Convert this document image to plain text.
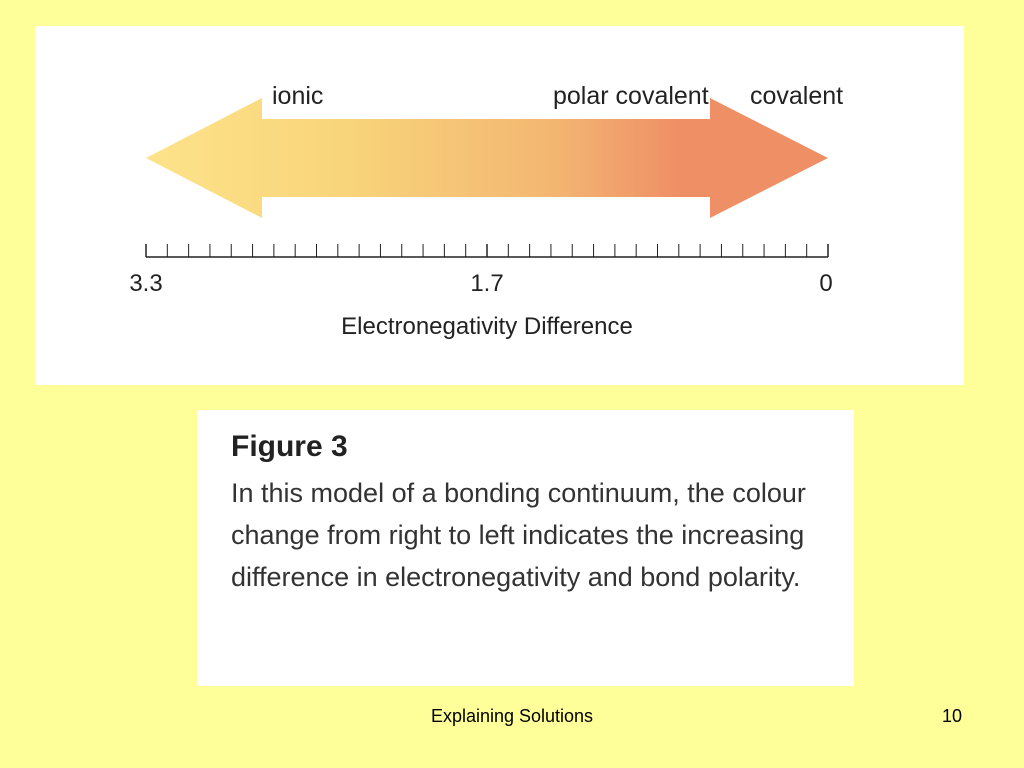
ionic	polar covalent covalent
3.3	1.7	0
Electronegativity Difference
Figure 3
In this model of a bonding continuum, the colour change from right to left indicates the increasing difference in electronegativity and bond polarity.
Explaining Solutions	10
